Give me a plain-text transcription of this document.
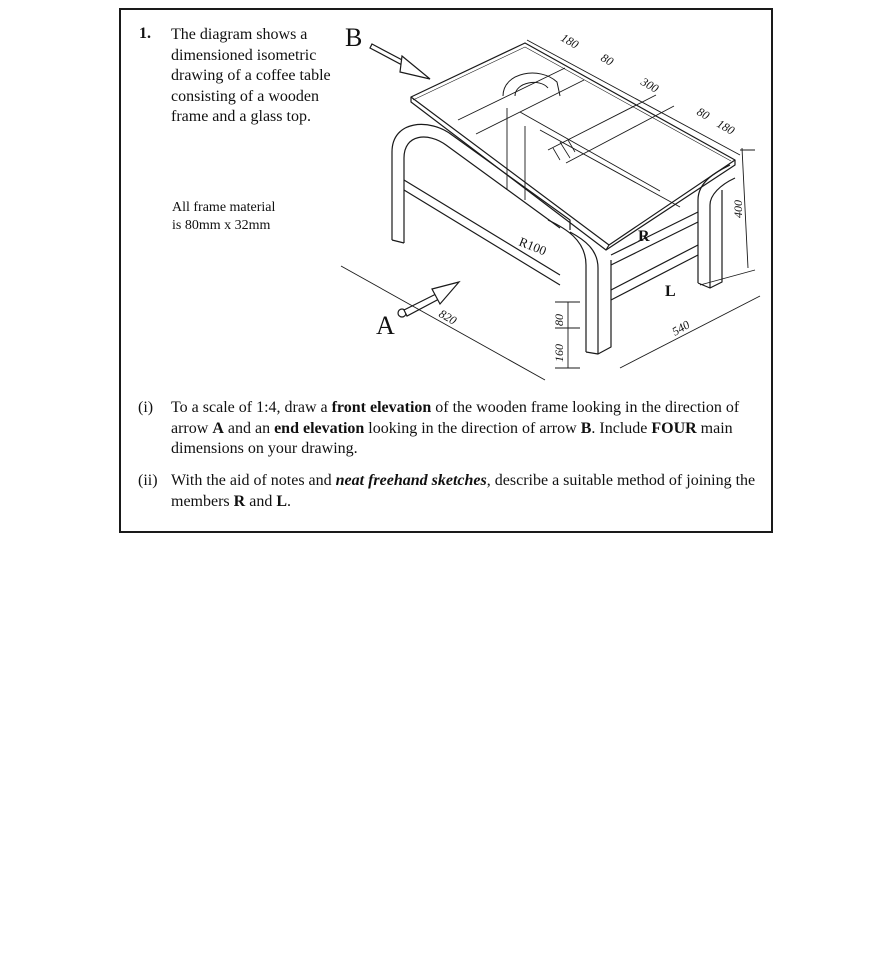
1. The diagram shows a dimensioned isometric drawing of a coffee table consisting of a wooden frame and a glass top.
All frame material
is 80mm x 32mm
B
A
R
L
R100
180
80
300
80
180
400
820
540
80
160
(i) To a scale of 1:4, draw a front elevation of the wooden frame looking in the direction of arrow A and an end elevation looking in the direction of arrow B. Include FOUR main dimensions on your drawing.
(ii) With the aid of notes and neat freehand sketches, describe a suitable method of joining the members R and L.
